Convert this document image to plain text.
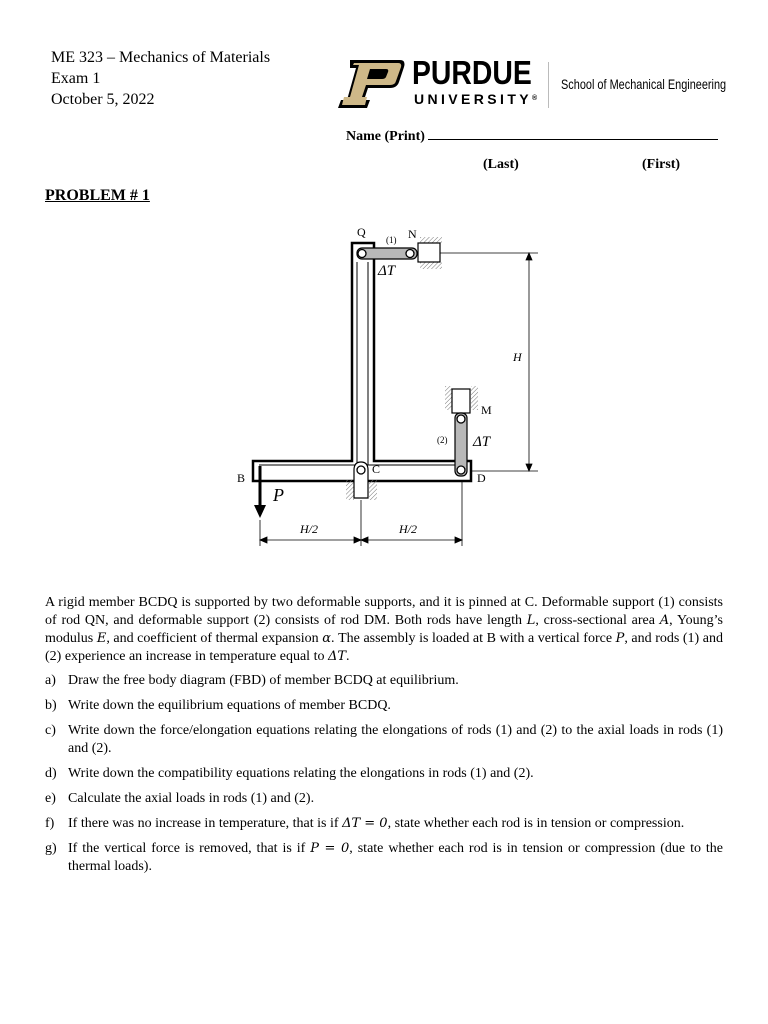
ME 323 – Mechanics of Materials
Exam 1
October 5, 2022
PURDUE
UNIVERSITY®
School of Mechanical Engineering
Name (Print)
(Last)	(First)
PROBLEM # 1
Q	N
(1)
ΔT
H
M
(2) ΔT
B
C
D
P
H/2	H/2

A rigid member BCDQ is supported by two deformable supports, and it is pinned at C. Deformable support (1) consists of rod QN, and deformable support (2) consists of rod DM. Both rods have length L, cross-sectional area A, Young’s modulus E, and coefficient of thermal expansion α. The assembly is loaded at B with a vertical force P, and rods (1) and (2) experience an increase in temperature equal to ΔT.

a) Draw the free body diagram (FBD) of member BCDQ at equilibrium.
b) Write down the equilibrium equations of member BCDQ.
c) Write down the force/elongation equations relating the elongations of rods (1) and (2) to the axial loads in rods (1) and (2).
d) Write down the compatibility equations relating the elongations in rods (1) and (2).
e) Calculate the axial loads in rods (1) and (2).
f) If there was no increase in temperature, that is if ΔT = 0, state whether each rod is in tension or compression.
g) If the vertical force is removed, that is if P = 0, state whether each rod is in tension or compression (due to the thermal loads).
